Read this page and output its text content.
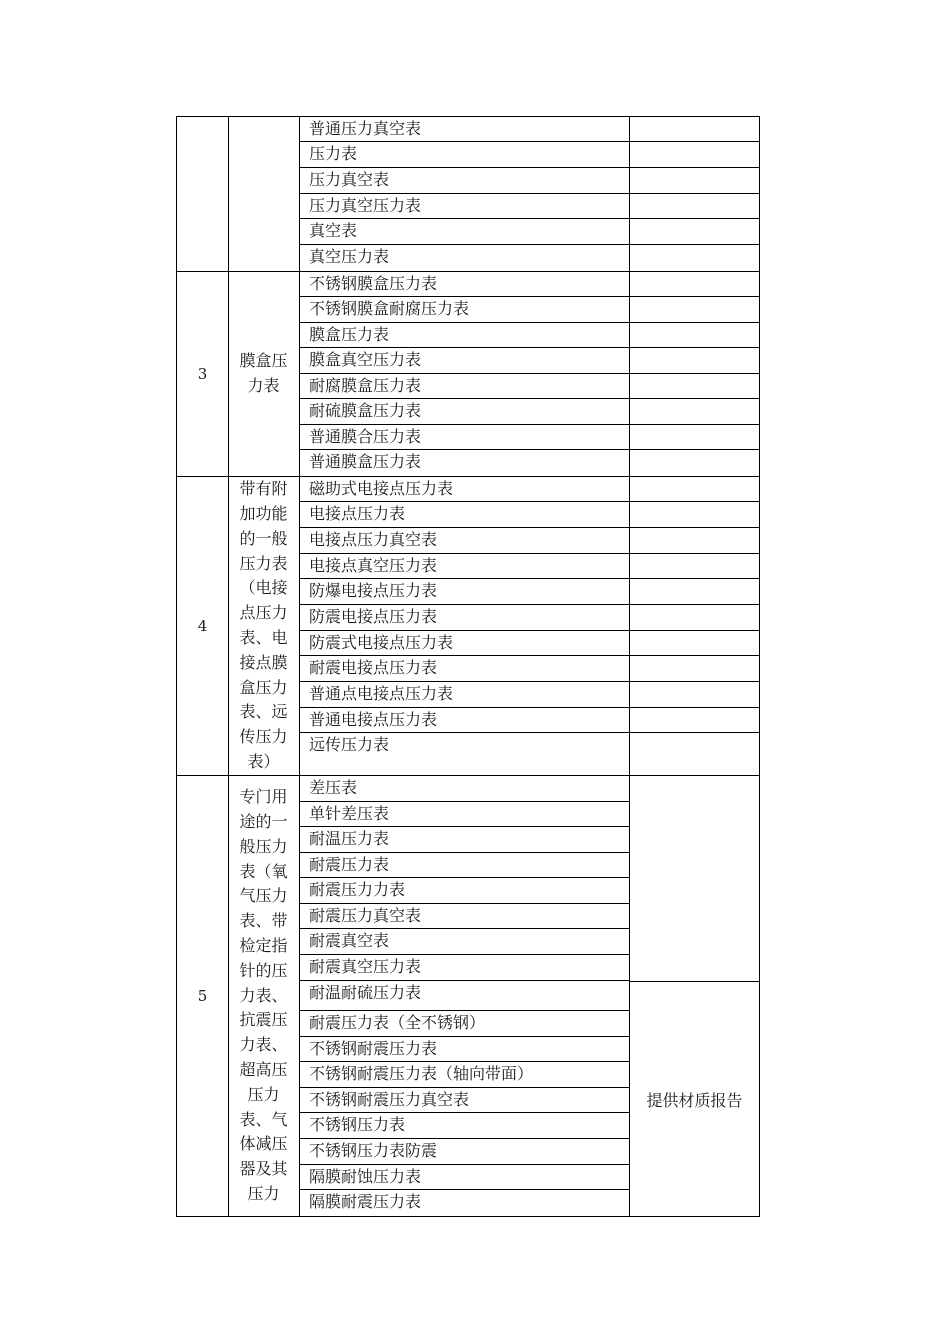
普通压力真空表
压力表
压力真空表
压力真空压力表
真空表
真空压力表
3
膜盒压力表
不锈钢膜盒压力表
不锈钢膜盒耐腐压力表
膜盒压力表
膜盒真空压力表
耐腐膜盒压力表
耐硫膜盒压力表
普通膜合压力表
普通膜盒压力表
4
带有附加功能的一般压力表（电接点压力表、电接点膜盒压力表、远传压力表）
磁助式电接点压力表
电接点压力表
电接点压力真空表
电接点真空压力表
防爆电接点压力表
防震电接点压力表
防震式电接点压力表
耐震电接点压力表
普通点电接点压力表
普通电接点压力表
远传压力表
5
专门用途的一般压力表（氧气压力表、带检定指针的压力表、抗震压力表、超高压压力表、气体减压器及其压力
差压表
单针差压表
耐温压力表
耐震压力表
耐震压力力表
耐震压力真空表
耐震真空表
耐震真空压力表
耐温耐硫压力表
耐震压力表（全不锈钢）
不锈钢耐震压力表
不锈钢耐震压力表（轴向带面）
不锈钢耐震压力真空表
不锈钢压力表
不锈钢压力表防震
隔膜耐蚀压力表
隔膜耐震压力表
提供材质报告
